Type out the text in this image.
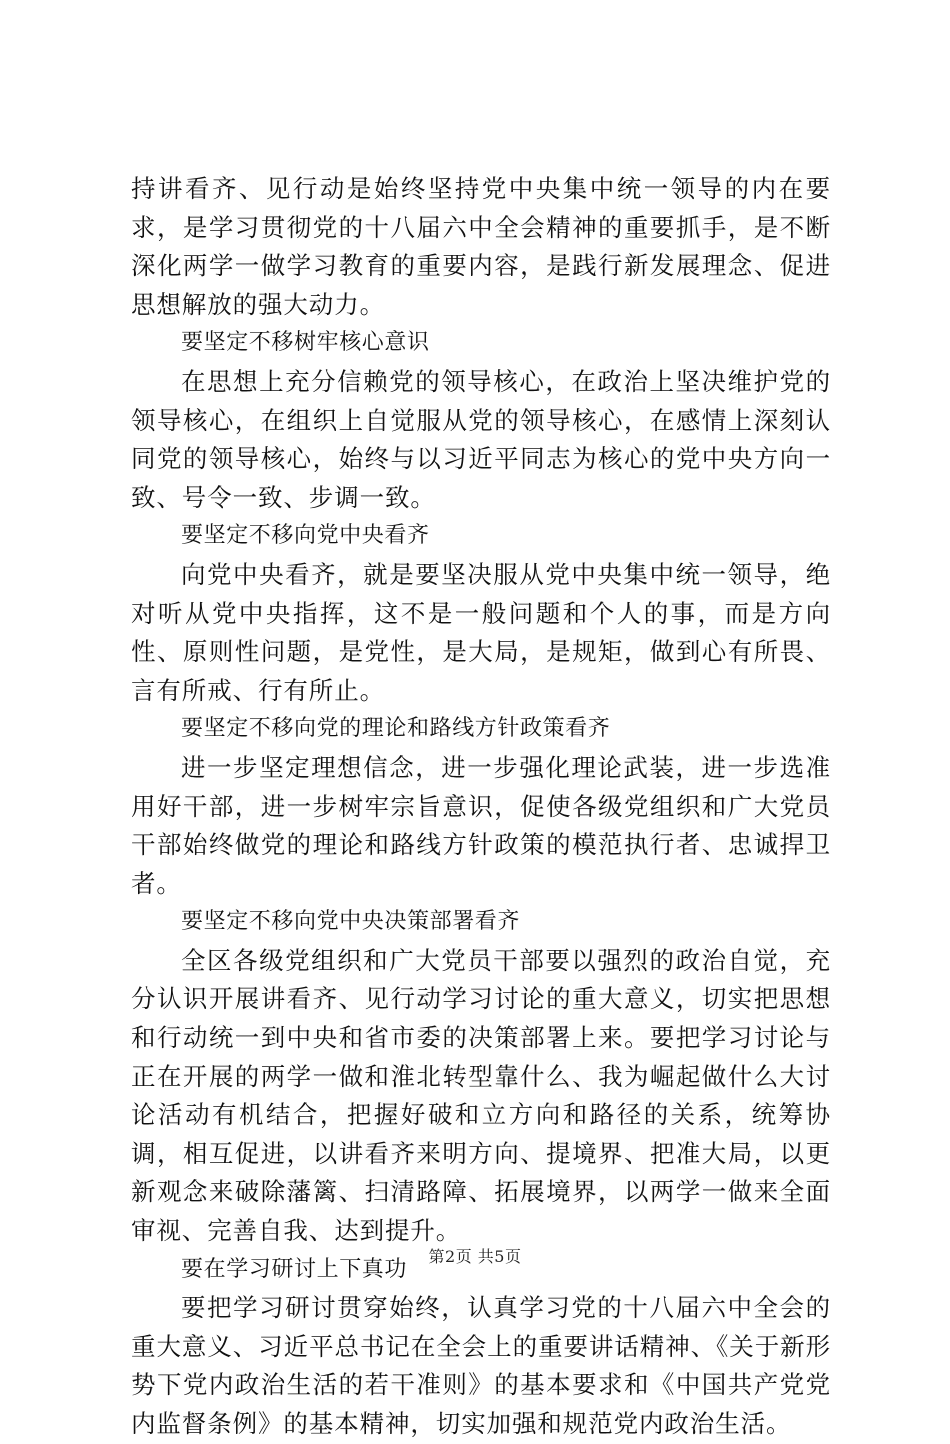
持讲看齐、见行动是始终坚持党中央集中统一领导的内在要求，是学习贯彻党的十八届六中全会精神的重要抓手，是不断深化两学一做学习教育的重要内容，是践行新发展理念、促进思想解放的强大动力。

要坚定不移树牢核心意识

在思想上充分信赖党的领导核心，在政治上坚决维护党的领导核心，在组织上自觉服从党的领导核心，在感情上深刻认同党的领导核心，始终与以习近平同志为核心的党中央方向一致、号令一致、步调一致。

要坚定不移向党中央看齐

向党中央看齐，就是要坚决服从党中央集中统一领导，绝对听从党中央指挥，这不是一般问题和个人的事，而是方向性、原则性问题，是党性，是大局，是规矩，做到心有所畏、言有所戒、行有所止。

要坚定不移向党的理论和路线方针政策看齐

进一步坚定理想信念，进一步强化理论武装，进一步选准用好干部，进一步树牢宗旨意识，促使各级党组织和广大党员干部始终做党的理论和路线方针政策的模范执行者、忠诚捍卫者。

要坚定不移向党中央决策部署看齐

全区各级党组织和广大党员干部要以强烈的政治自觉，充分认识开展讲看齐、见行动学习讨论的重大意义，切实把思想和行动统一到中央和省市委的决策部署上来。要把学习讨论与正在开展的两学一做和淮北转型靠什么、我为崛起做什么大讨论活动有机结合，把握好破和立方向和路径的关系，统筹协调，相互促进，以讲看齐来明方向、提境界、把准大局，以更新观念来破除藩篱、扫清路障、拓展境界，以两学一做来全面审视、完善自我、达到提升。

要在学习研讨上下真功

要把学习研讨贯穿始终，认真学习党的十八届六中全会的重大意义、习近平总书记在全会上的重要讲话精神、《关于新形势下党内政治生活的若干准则》的基本要求和《中国共产党党内监督条例》的基本精神，切实加强和规范党内政治生活。

第2页 共5页
